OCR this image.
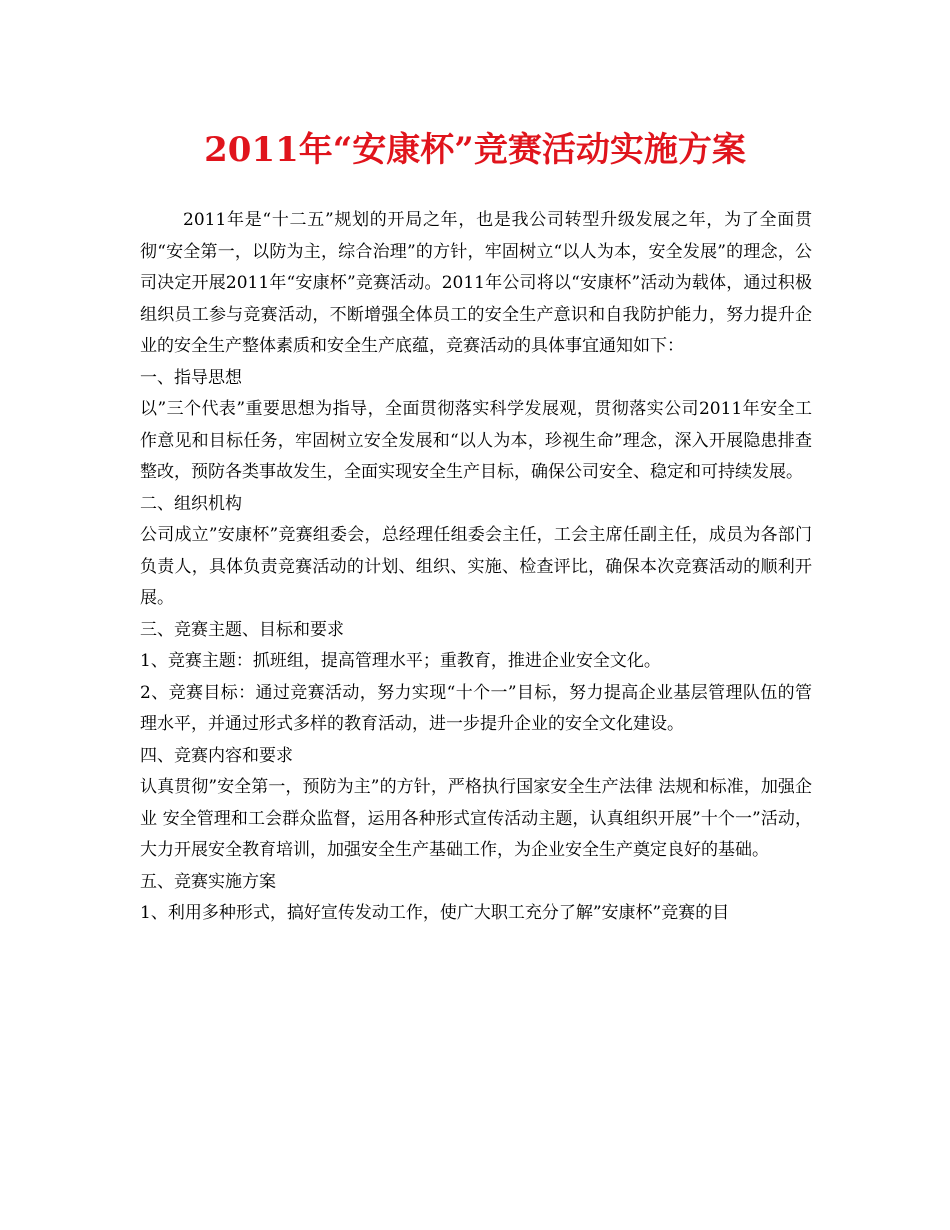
2011年“安康杯”竞赛活动实施方案

2011年是“十二五”规划的开局之年，也是我公司转型升级发展之年，为了全面贯彻“安全第一，以防为主，综合治理”的方针，牢固树立“以人为本，安全发展”的理念，公司决定开展2011年“安康杯”竞赛活动。2011年公司将以“安康杯”活动为载体，通过积极组织员工参与竞赛活动，不断增强全体员工的安全生产意识和自我防护能力，努力提升企业的安全生产整体素质和安全生产底蕴，竞赛活动的具体事宜通知如下：

一、指导思想

以”三个代表”重要思想为指导，全面贯彻落实科学发展观，贯彻落实公司2011年安全工作意见和目标任务，牢固树立安全发展和“以人为本，珍视生命”理念，深入开展隐患排查整改，预防各类事故发生，全面实现安全生产目标，确保公司安全、稳定和可持续发展。

二、组织机构

公司成立”安康杯”竞赛组委会，总经理任组委会主任，工会主席任副主任，成员为各部门负责人，具体负责竞赛活动的计划、组织、实施、检查评比，确保本次竞赛活动的顺利开展。

三、竞赛主题、目标和要求

1、竞赛主题：抓班组，提高管理水平；重教育，推进企业安全文化。

2、竞赛目标：通过竞赛活动，努力实现“十个一”目标，努力提高企业基层管理队伍的管理水平，并通过形式多样的教育活动，进一步提升企业的安全文化建设。

四、竞赛内容和要求

认真贯彻”安全第一，预防为主”的方针，严格执行国家安全生产法律 法规和标准，加强企业 安全管理和工会群众监督，运用各种形式宣传活动主题，认真组织开展”十个一”活动，大力开展安全教育培训，加强安全生产基础工作，为企业安全生产奠定良好的基础。

五、竞赛实施方案

1、利用多种形式，搞好宣传发动工作，使广大职工充分了解”安康杯”竞赛的目
